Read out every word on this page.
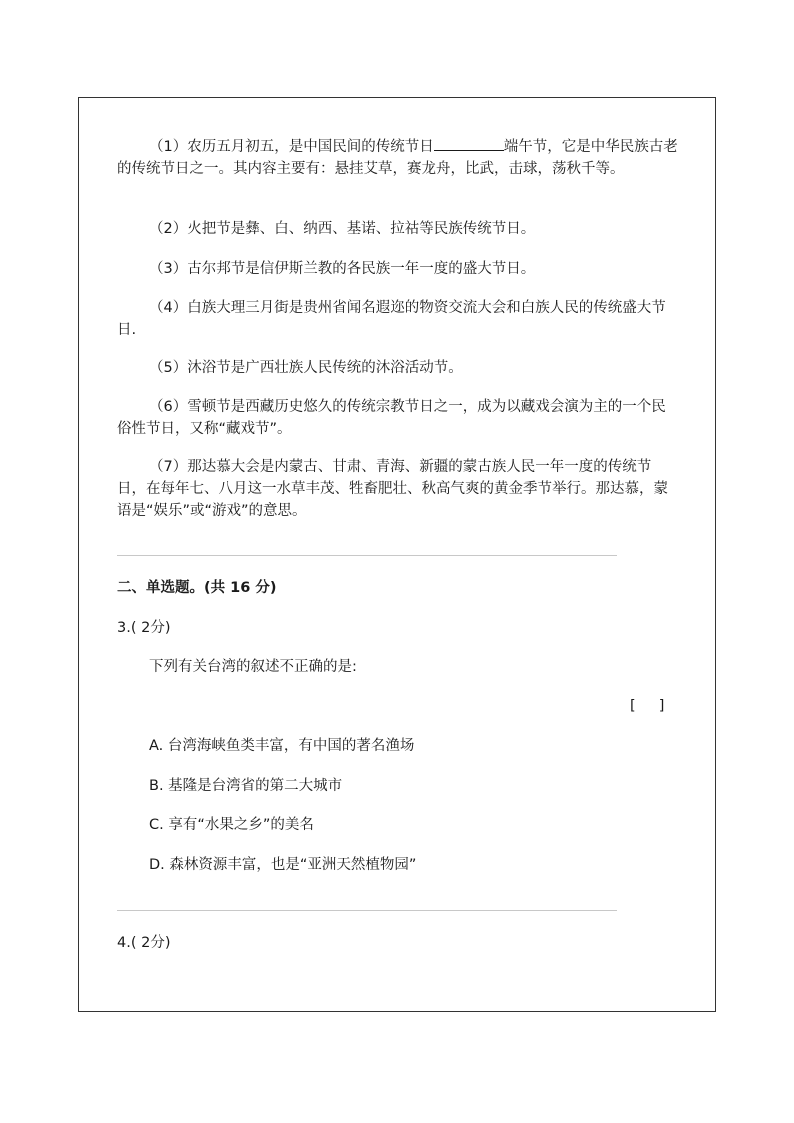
（1）农历五月初五，是中国民间的传统节日	端午节，它是中华民族古老的传统节日之一。其内容主要有：悬挂艾草，赛龙舟，比武，击球，荡秋千等。

（2）火把节是彝、白、纳西、基诺、拉祜等民族传统节日。

（3）古尔邦节是信伊斯兰教的各民族一年一度的盛大节日。

（4）白族大理三月街是贵州省闻名遐迩的物资交流大会和白族人民的传统盛大节日.

（5）沐浴节是广西壮族人民传统的沐浴活动节。

（6）雪顿节是西藏历史悠久的传统宗教节日之一，成为以藏戏会演为主的一个民俗性节日，又称“藏戏节”。

（7）那达慕大会是内蒙古、甘肃、青海、新疆的蒙古族人民一年一度的传统节日，在每年七、八月这一水草丰茂、牲畜肥壮、秋高气爽的黄金季节举行。那达慕，蒙语是“娱乐”或“游戏”的意思。

二、单选题。(共 16 分)

3.( 2分)

下列有关台湾的叙述不正确的是:

[     ]

A. 台湾海峡鱼类丰富，有中国的著名渔场

B. 基隆是台湾省的第二大城市

C. 享有“水果之乡”的美名

D. 森林资源丰富，也是“亚洲天然植物园”

4.( 2分)
